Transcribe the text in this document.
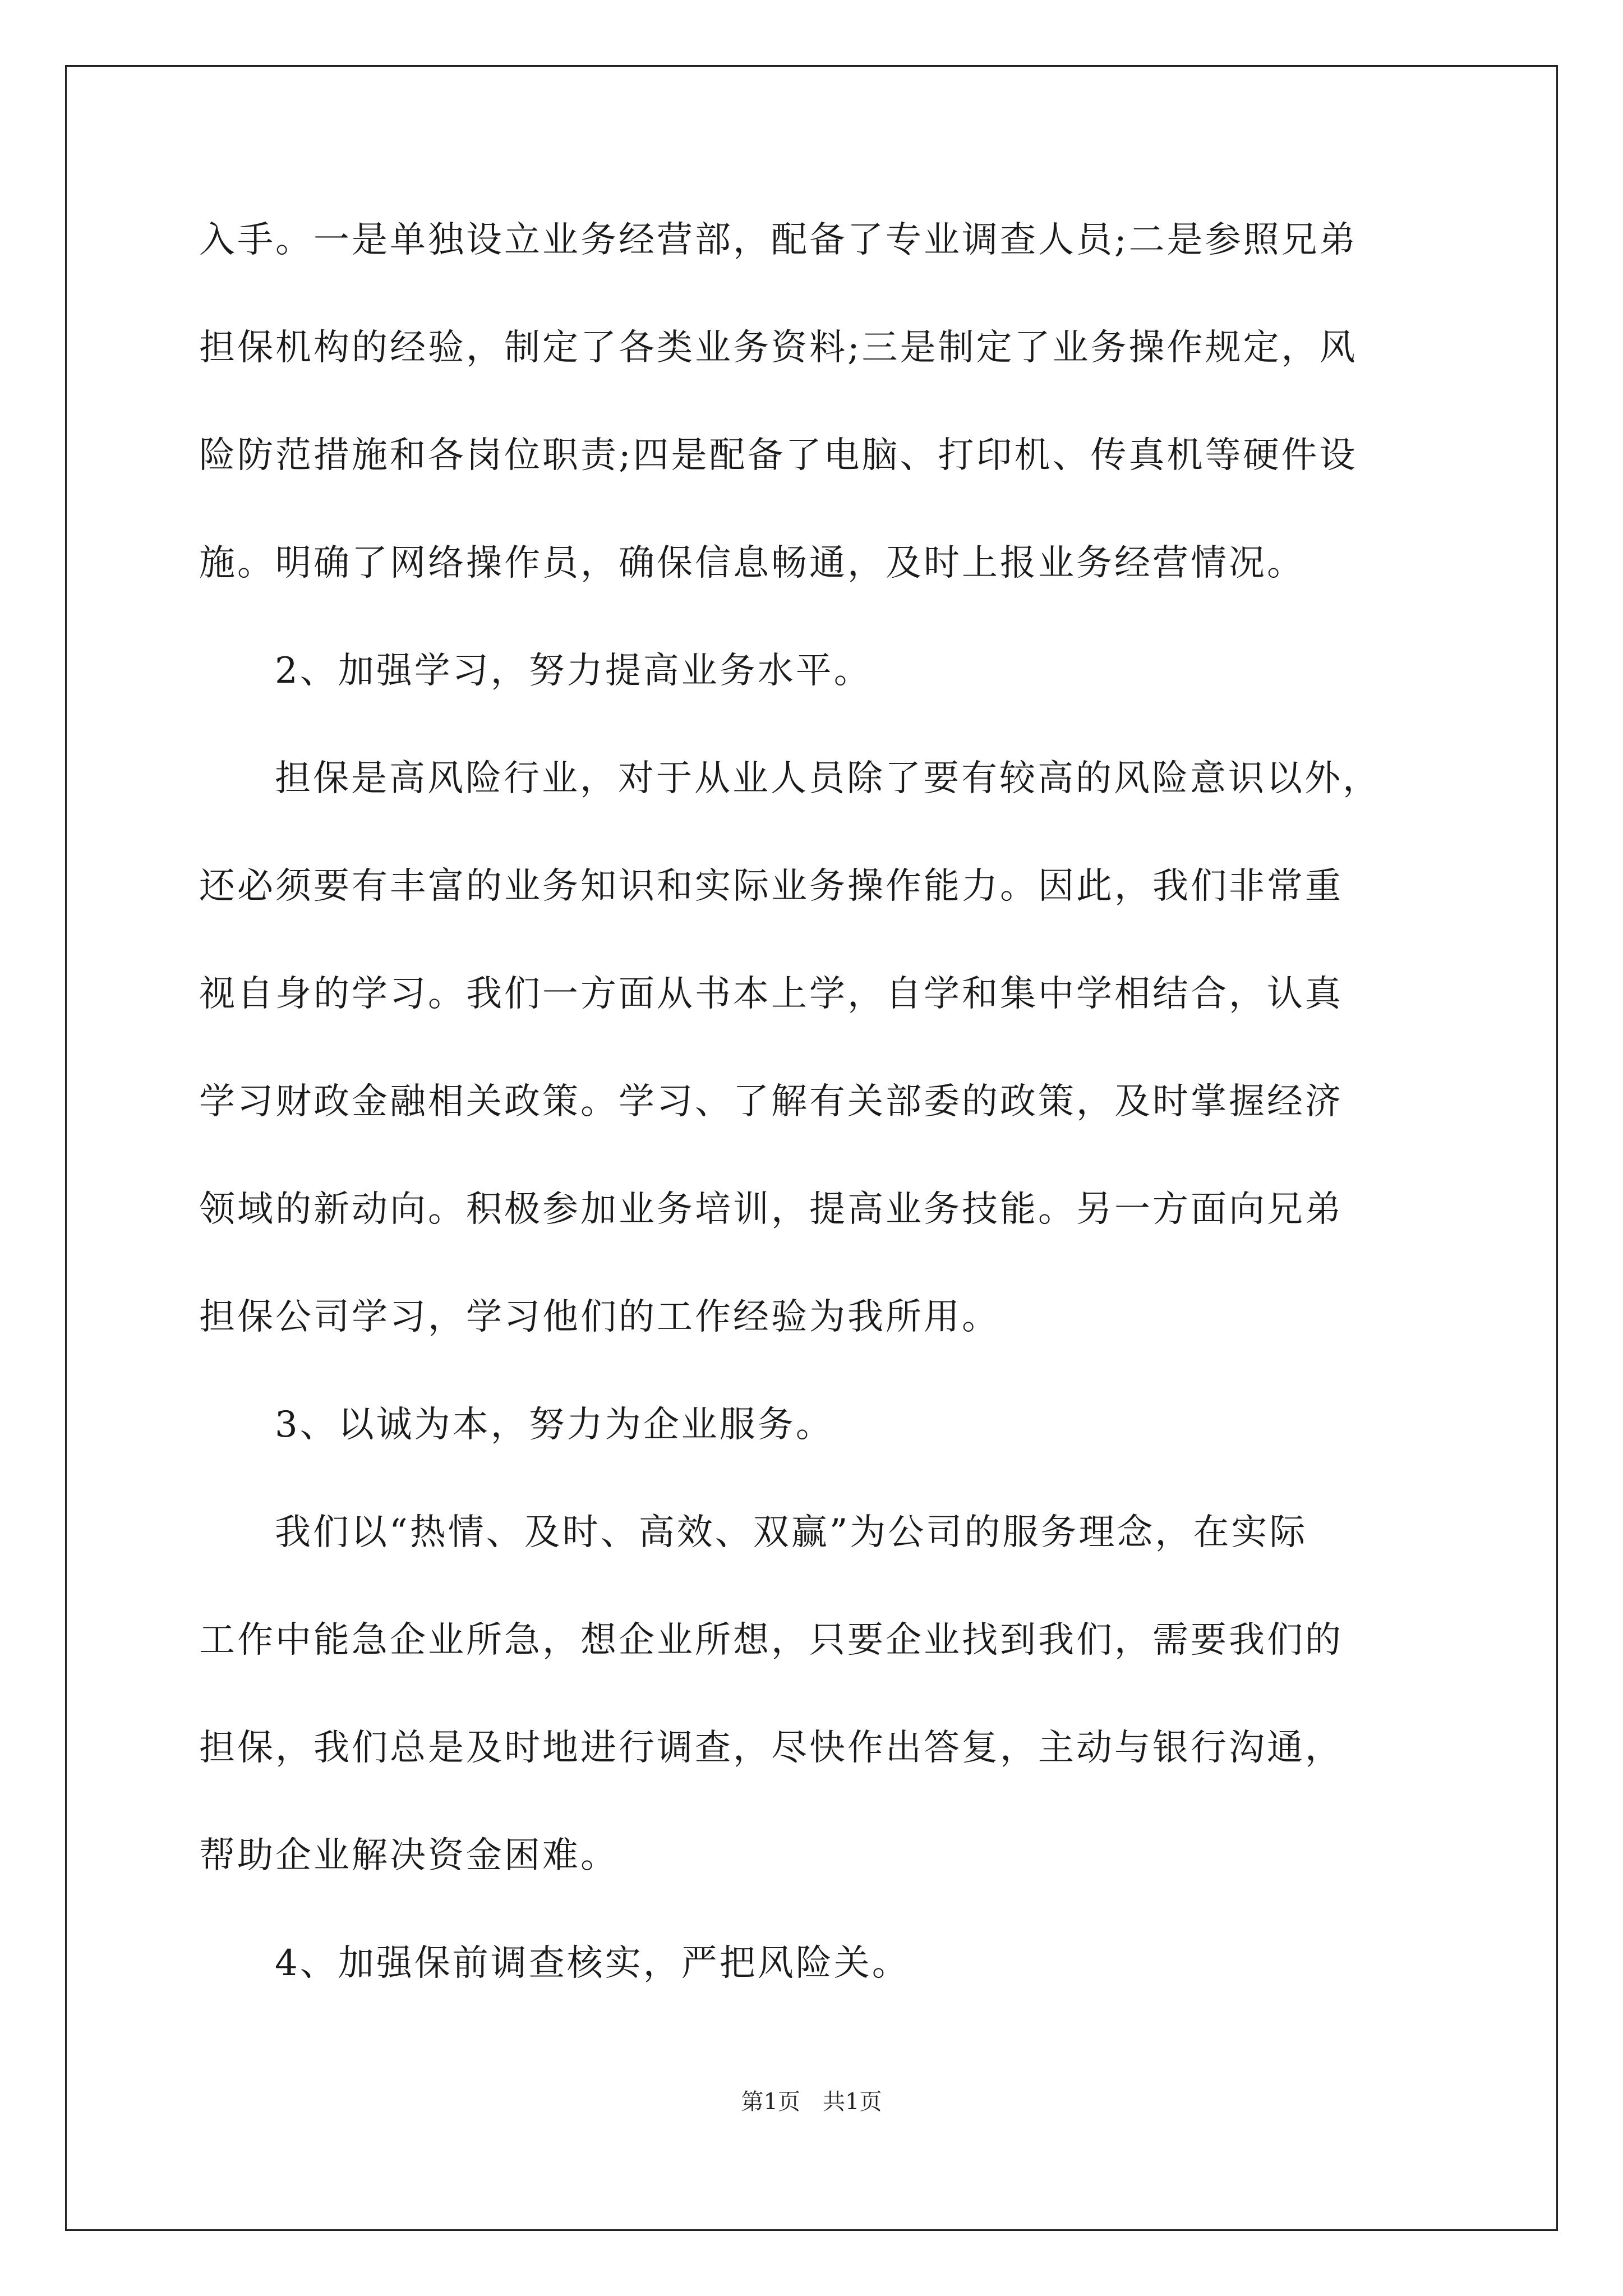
入手。一是单独设立业务经营部，配备了专业调查人员;二是参照兄弟
担保机构的经验，制定了各类业务资料;三是制定了业务操作规定，风
险防范措施和各岗位职责;四是配备了电脑、打印机、传真机等硬件设
施。明确了网络操作员，确保信息畅通，及时上报业务经营情况。
2、加强学习，努力提高业务水平。
担保是高风险行业，对于从业人员除了要有较高的风险意识以外，
还必须要有丰富的业务知识和实际业务操作能力。因此，我们非常重
视自身的学习。我们一方面从书本上学，自学和集中学相结合，认真
学习财政金融相关政策。学习、了解有关部委的政策，及时掌握经济
领域的新动向。积极参加业务培训，提高业务技能。另一方面向兄弟
担保公司学习，学习他们的工作经验为我所用。
3、以诚为本，努力为企业服务。
我们以“热情、及时、高效、双赢”为公司的服务理念，在实际
工作中能急企业所急，想企业所想，只要企业找到我们，需要我们的
担保，我们总是及时地进行调查，尽快作出答复，主动与银行沟通，
帮助企业解决资金困难。
4、加强保前调查核实，严把风险关。
第1页　共1页
